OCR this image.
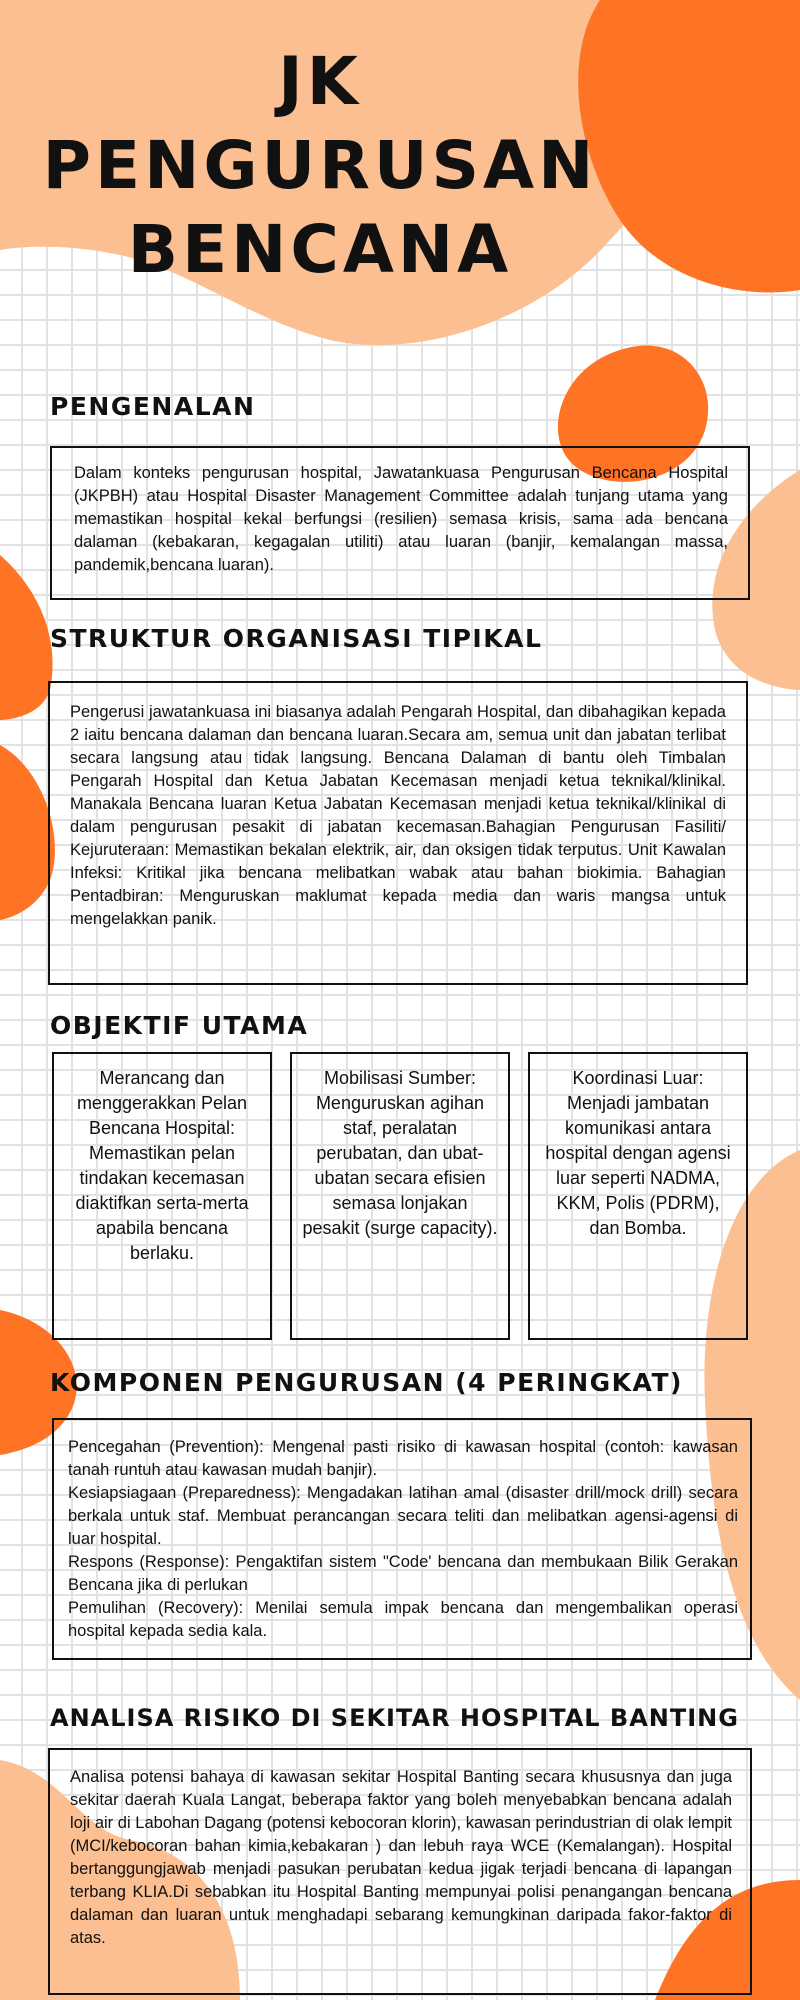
JK
PENGURUSAN
BENCANA
PENGENALAN

Dalam konteks pengurusan hospital, Jawatankuasa Pengurusan Bencana Hospital (JKPBH) atau Hospital Disaster Management Committee adalah tunjang utama yang memastikan hospital kekal berfungsi (resilien) semasa krisis, sama ada bencana dalaman (kebakaran, kegagalan utiliti) atau luaran (banjir, kemalangan massa, pandemik,bencana luaran).

STRUKTUR ORGANISASI TIPIKAL

Pengerusi jawatankuasa ini biasanya adalah Pengarah Hospital, dan dibahagikan kepada 2 iaitu bencana dalaman dan bencana luaran.Secara am, semua unit dan jabatan terlibat secara langsung atau tidak langsung. Bencana Dalaman di bantu oleh Timbalan Pengarah Hospital dan Ketua Jabatan Kecemasan menjadi ketua teknikal/klinikal. Manakala Bencana luaran Ketua Jabatan Kecemasan menjadi ketua teknikal/klinikal di dalam pengurusan pesakit di jabatan kecemasan.Bahagian Pengurusan Fasiliti/ Kejuruteraan: Memastikan bekalan elektrik, air, dan oksigen tidak terputus. Unit Kawalan Infeksi: Kritikal jika bencana melibatkan wabak atau bahan biokimia. Bahagian Pentadbiran: Menguruskan maklumat kepada media dan waris mangsa untuk mengelakkan panik.

OBJEKTIF UTAMA
Merancang dan menggerakkan Pelan Bencana Hospital: Memastikan pelan tindakan kecemasan diaktifkan serta-merta apabila bencana berlaku.
Mobilisasi Sumber: Menguruskan agihan staf, peralatan perubatan, dan ubat-ubatan secara efisien semasa lonjakan pesakit (surge capacity).
Koordinasi Luar: Menjadi jambatan komunikasi antara hospital dengan agensi luar seperti NADMA, KKM, Polis (PDRM), dan Bomba.
KOMPONEN PENGURUSAN (4 PERINGKAT)

Pencegahan (Prevention): Mengenal pasti risiko di kawasan hospital (contoh: kawasan tanah runtuh atau kawasan mudah banjir).

Kesiapsiagaan (Preparedness): Mengadakan latihan amal (disaster drill/mock drill) secara berkala untuk staf. Membuat perancangan secara teliti dan melibatkan agensi-agensi di luar hospital.

Respons (Response): Pengaktifan sistem "Code' bencana dan membukaan Bilik Gerakan Bencana jika di perlukan

Pemulihan (Recovery): Menilai semula impak bencana dan mengembalikan operasi hospital kepada sedia kala.

ANALISA RISIKO DI SEKITAR HOSPITAL BANTING

Analisa potensi bahaya di kawasan sekitar Hospital Banting secara khususnya dan juga sekitar daerah Kuala Langat, beberapa faktor yang boleh menyebabkan bencana adalah loji air di Labohan Dagang (potensi kebocoran klorin), kawasan perindustrian di olak lempit (MCI/kebocoran bahan kimia,kebakaran ) dan lebuh raya WCE (Kemalangan). Hospital bertanggungjawab menjadi pasukan perubatan kedua jigak terjadi bencana di lapangan terbang KLIA.Di sebabkan itu Hospital Banting mempunyai polisi penangangan bencana dalaman dan luaran untuk menghadapi sebarang kemungkinan daripada fakor-faktor di atas.
